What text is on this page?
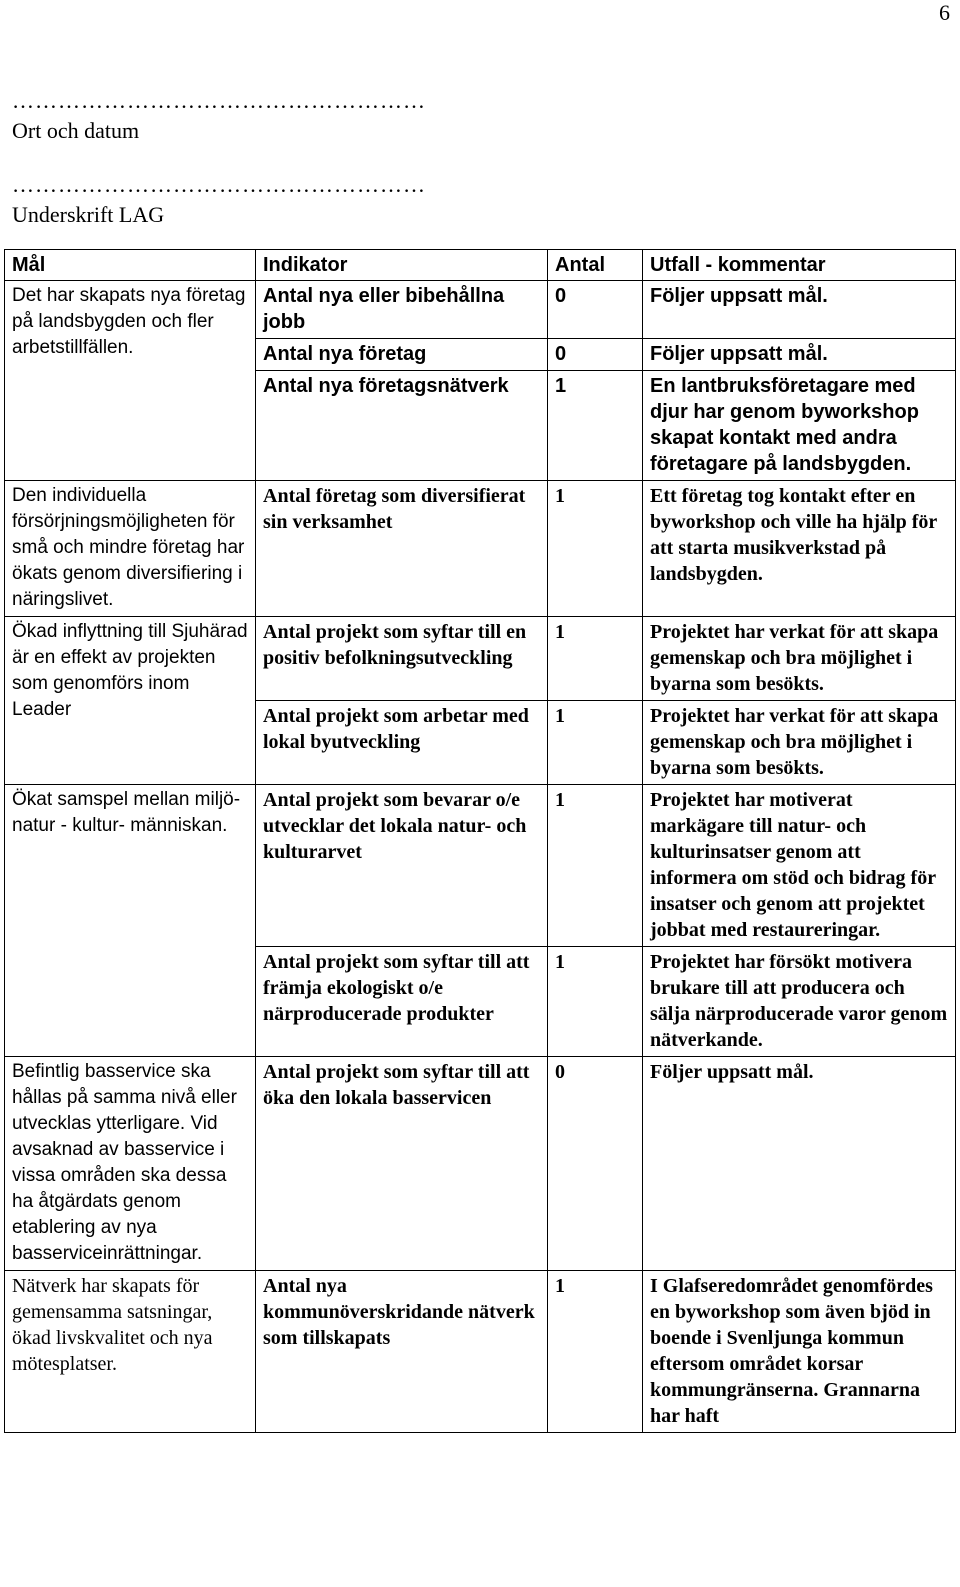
6
………………………………………………
Ort och datum
………………………………………………
Underskrift LAG
Mål	Indikator	Antal	Utfall - kommentar
Det har skapats nya företag på landsbygden och fler arbetstillfällen.	Antal nya eller bibehållna jobb	0	Följer uppsatt mål.
	Antal nya företag	0	Följer uppsatt mål.
	Antal nya företagsnätverk	1	En lantbruksföretagare med djur har genom byworkshop skapat kontakt med andra företagare på landsbygden.
Den individuella försörjningsmöjligheten för små och mindre företag har ökats genom diversifiering i näringslivet.	Antal företag som diversifierat sin verksamhet	1	Ett företag tog kontakt efter en byworkshop och ville ha hjälp för att starta musikverkstad på landsbygden.
Ökad inflyttning till Sjuhärad är en effekt av projekten som genomförs inom Leader	Antal projekt som syftar till en positiv befolkningsutveckling	1	Projektet har verkat för att skapa gemenskap och bra möjlighet i byarna som besökts.
	Antal projekt som arbetar med lokal byutveckling	1	Projektet har verkat för att skapa gemenskap och bra möjlighet i byarna som besökts.
Ökat samspel mellan miljö- natur - kultur- människan.	Antal projekt som bevarar o/e utvecklar det lokala natur- och kulturarvet	1	Projektet har motiverat markägare till natur- och kulturinsatser genom att informera om stöd och bidrag för insatser och genom att projektet jobbat med restaureringar.
	Antal projekt som syftar till att främja ekologiskt o/e närproducerade produkter	1	Projektet har försökt motivera brukare till att producera och sälja närproducerade varor genom nätverkande.
Befintlig basservice ska hållas på samma nivå eller utvecklas ytterligare. Vid avsaknad av basservice i vissa områden ska dessa ha åtgärdats genom etablering av nya basserviceinrättningar.	Antal projekt som syftar till att öka den lokala basservicen	0	Följer uppsatt mål.
Nätverk har skapats för gemensamma satsningar, ökad livskvalitet och nya mötesplatser.	Antal nya kommunöverskridande nätverk som tillskapats	1	I Glafseredområdet genomfördes en byworkshop som även bjöd in boende i Svenljunga kommun eftersom området korsar kommungränserna. Grannarna har haft
